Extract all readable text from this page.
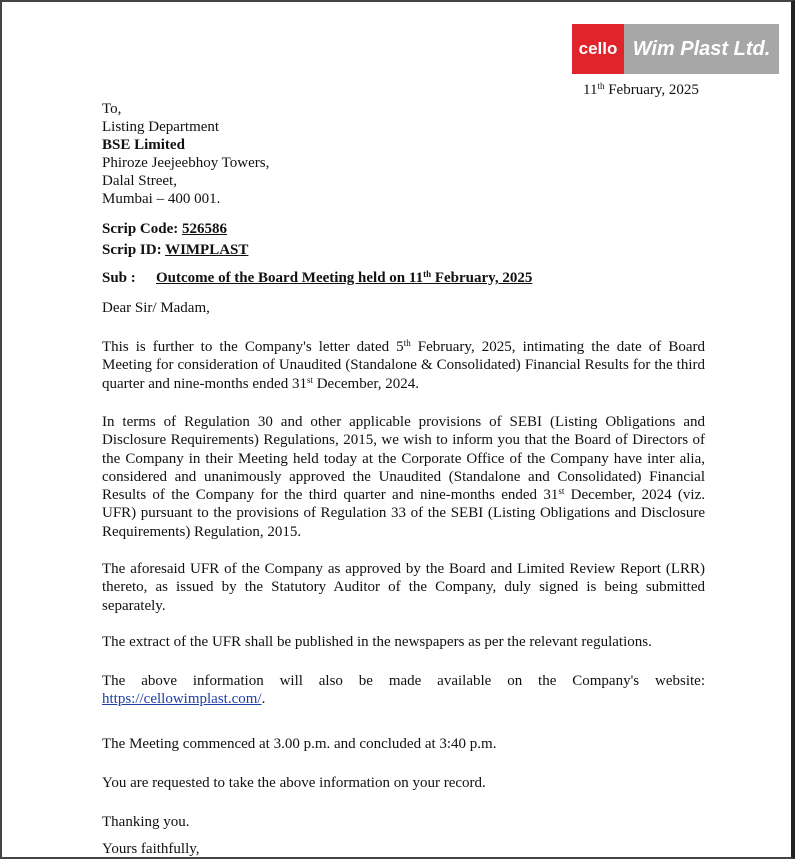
cello Wim Plast Ltd.
11th February, 2025
To,
Listing Department
BSE Limited
Phiroze Jeejeebhoy Towers,
Dalal Street,
Mumbai – 400 001.
Scrip Code: 526586
Scrip ID: WIMPLAST
Sub : Outcome of the Board Meeting held on 11th February, 2025
Dear Sir/ Madam,
This is further to the Company's letter dated 5th February, 2025, intimating the date of Board Meeting for consideration of Unaudited (Standalone & Consolidated) Financial Results for the third quarter and nine-months ended 31st December, 2024.
In terms of Regulation 30 and other applicable provisions of SEBI (Listing Obligations and Disclosure Requirements) Regulations, 2015, we wish to inform you that the Board of Directors of the Company in their Meeting held today at the Corporate Office of the Company have inter alia, considered and unanimously approved the Unaudited (Standalone and Consolidated) Financial Results of the Company for the third quarter and nine-months ended 31st December, 2024 (viz. UFR) pursuant to the provisions of Regulation 33 of the SEBI (Listing Obligations and Disclosure Requirements) Regulation, 2015.
The aforesaid UFR of the Company as approved by the Board and Limited Review Report (LRR) thereto, as issued by the Statutory Auditor of the Company, duly signed is being submitted separately.
The extract of the UFR shall be published in the newspapers as per the relevant regulations.
The above information will also be made available on the Company's website: https://cellowimplast.com/.
The Meeting commenced at 3.00 p.m. and concluded at 3:40 p.m.
You are requested to take the above information on your record.
Thanking you.
Yours faithfully,
